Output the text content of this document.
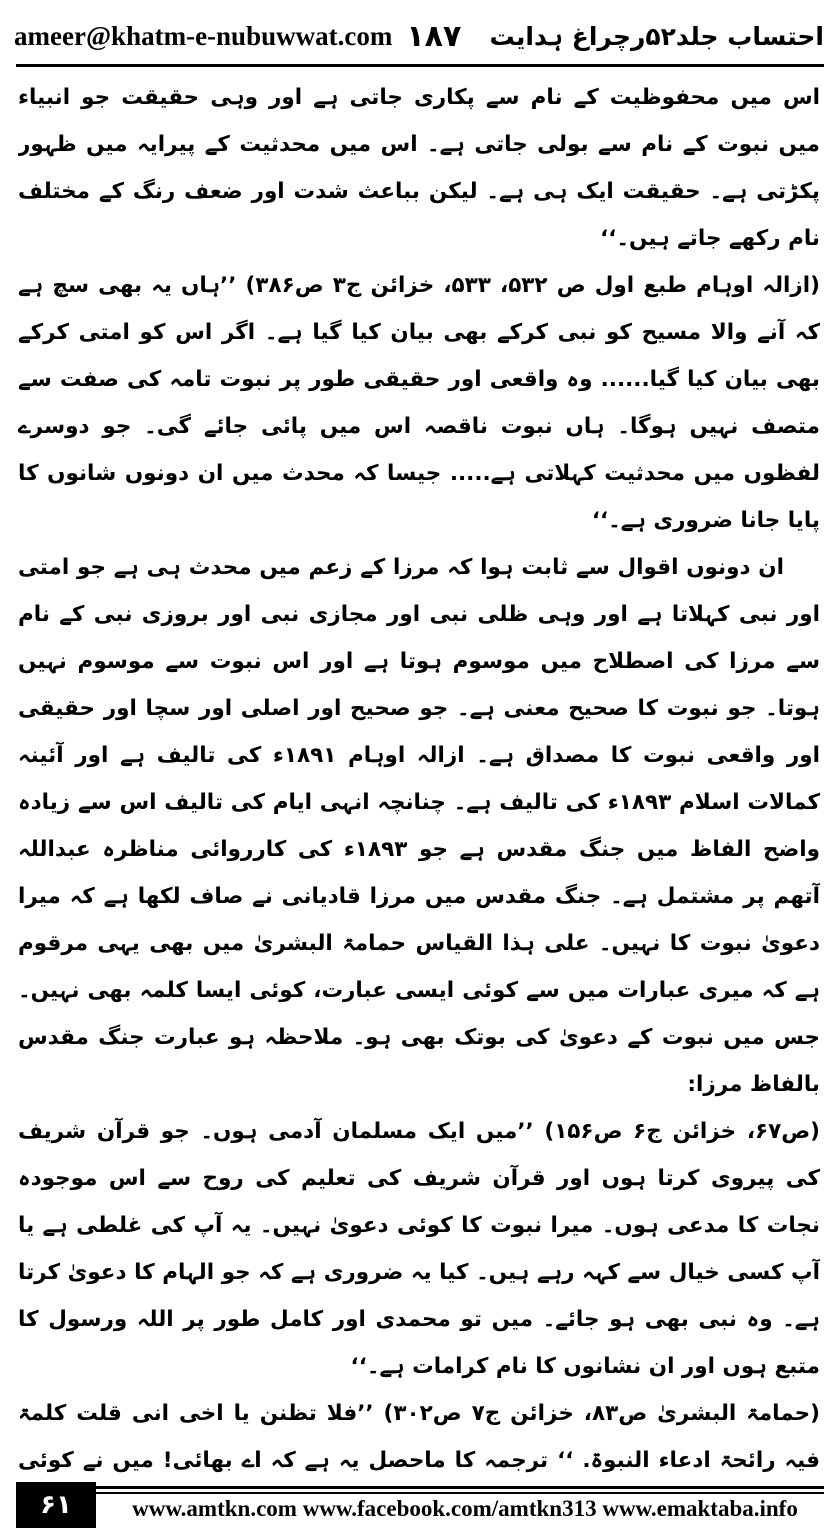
ameer@khatm-e-nubuwwat.com ۱۸۷ احتساب جلد۵۲رچراغ ہدایت

اس میں محفوظیت کے نام سے پکاری جاتی ہے اور وہی حقیقت جو انبیاء میں نبوت کے نام سے بولی جاتی ہے۔ اس میں محدثیت کے پیرایہ میں ظہور پکڑتی ہے۔ حقیقت ایک ہی ہے۔ لیکن بباعث شدت اور ضعف رنگ کے مختلف نام رکھے جاتے ہیں۔‘‘

(ازالہ اوہام طبع اول ص ۵۳۲، ۵۳۳، خزائن ج۳ ص۳۸۶) ’’ہاں یہ بھی سچ ہے کہ آنے والا مسیح کو نبی کرکے بھی بیان کیا گیا ہے۔ اگر اس کو امتی کرکے بھی بیان کیا گیا...... وہ واقعی اور حقیقی طور پر نبوت تامہ کی صفت سے متصف نہیں ہوگا۔ ہاں نبوت ناقصہ اس میں پائی جائے گی۔ جو دوسرے لفظوں میں محدثیت کہلاتی ہے..... جیسا کہ محدث میں ان دونوں شانوں کا پایا جانا ضروری ہے۔‘‘

ان دونوں اقوال سے ثابت ہوا کہ مرزا کے زعم میں محدث ہی ہے جو امتی اور نبی کہلاتا ہے اور وہی ظلی نبی اور مجازی نبی اور بروزی نبی کے نام سے مرزا کی اصطلاح میں موسوم ہوتا ہے اور اس نبوت سے موسوم نہیں ہوتا۔ جو نبوت کا صحیح معنی ہے۔ جو صحیح اور اصلی اور سچا اور حقیقی اور واقعی نبوت کا مصداق ہے۔ ازالہ اوہام ۱۸۹۱ء کی تالیف ہے اور آئینہ کمالات اسلام ۱۸۹۳ء کی تالیف ہے۔ چنانچہ انہی ایام کی تالیف اس سے زیادہ واضح الفاظ میں جنگ مقدس ہے جو ۱۸۹۳ء کی کارروائی مناظرہ عبداللہ آتھم پر مشتمل ہے۔ جنگ مقدس میں مرزا قادیانی نے صاف لکھا ہے کہ میرا دعویٰ نبوت کا نہیں۔ علی ہذا القیاس حمامۃ البشریٰ میں بھی یہی مرقوم ہے کہ میری عبارات میں سے کوئی ایسی عبارت، کوئی ایسا کلمہ بھی نہیں۔ جس میں نبوت کے دعویٰ کی بوتک بھی ہو۔ ملاحظہ ہو عبارت جنگ مقدس بالفاظ مرزا:

(ص۶۷، خزائن ج۶ ص۱۵۶) ’’میں ایک مسلمان آدمی ہوں۔ جو قرآن شریف کی پیروی کرتا ہوں اور قرآن شریف کی تعلیم کی روح سے اس موجودہ نجات کا مدعی ہوں۔ میرا نبوت کا کوئی دعویٰ نہیں۔ یہ آپ کی غلطی ہے یا آپ کسی خیال سے کہہ رہے ہیں۔ کیا یہ ضروری ہے کہ جو الہام کا دعویٰ کرتا ہے۔ وہ نبی بھی ہو جائے۔ میں تو محمدی اور کامل طور پر اللہ ورسول کا متبع ہوں اور ان نشانوں کا نام کرامات ہے۔‘‘

(حمامۃ البشریٰ ص۸۳، خزائن ج۷ ص۳۰۲) ’’فلا تظنن یا اخی انی قلت کلمۃ فیہ رائحۃ ادعاء النبوۃ. ‘‘ ترجمہ کا ماحصل یہ ہے کہ اے بھائی! میں نے کوئی

۶۱	www.amtkn.com www.facebook.com/amtkn313 www.emaktaba.info
